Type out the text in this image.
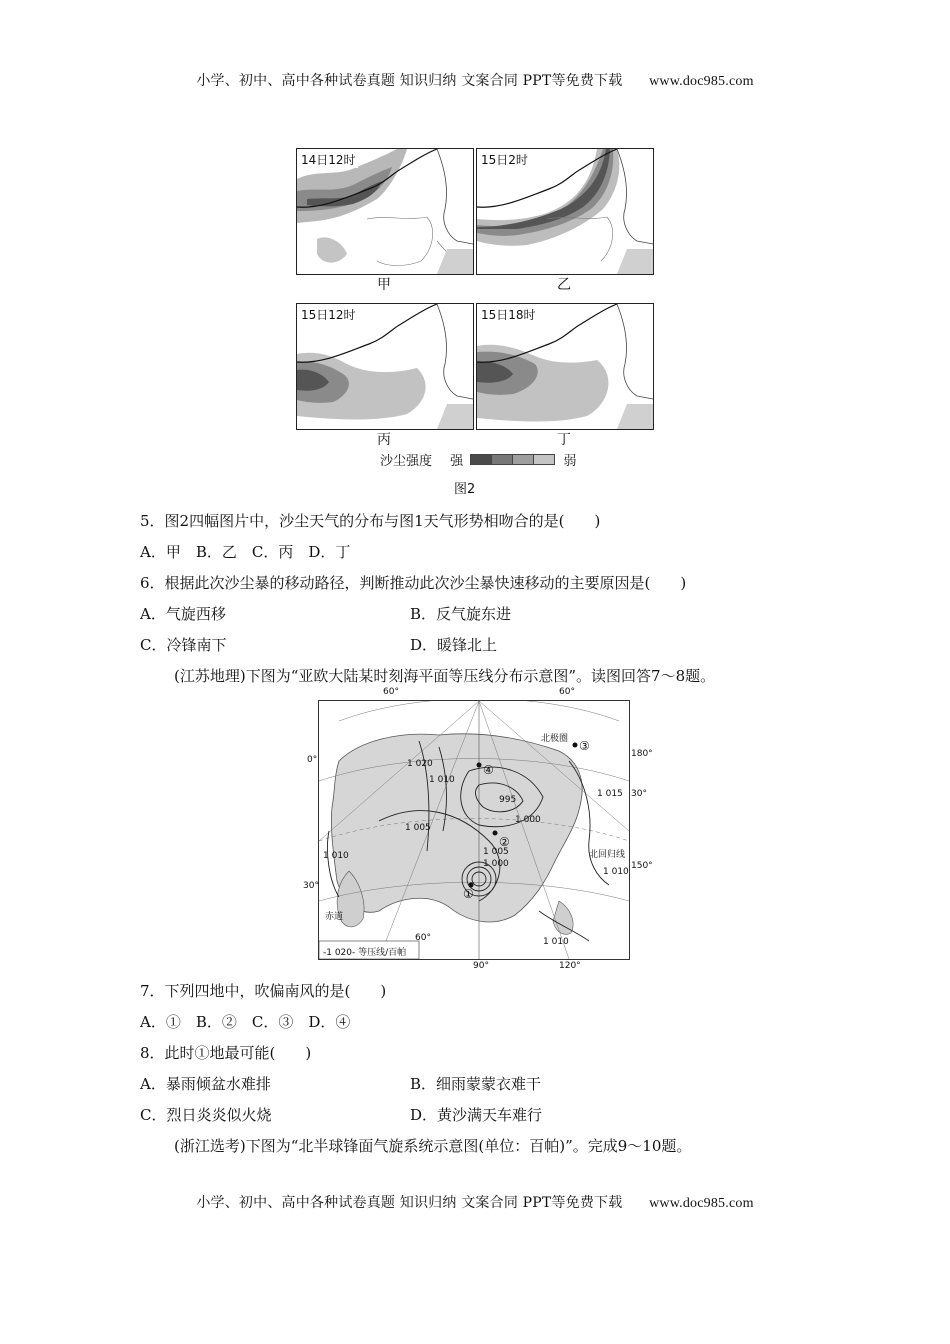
小学、初中、高中各种试卷真题 知识归纳 文案合同 PPT等免费下载 www.doc985.com
14日12时
甲
15日2时
乙
15日12时
丙
15日18时
丁
沙尘强度 强	弱
图2
5．图2四幅图片中，沙尘天气的分布与图1天气形势相吻合的是(　　)
A．甲　B．乙　C．丙　D．丁
6．根据此次沙尘暴的移动路径，判断推动此次沙尘暴快速移动的主要原因是(　　)
A．气旋西移	B．反气旋东进
C．冷锋南下	D．暖锋北上
(江苏地理)下图为“亚欧大陆某时刻海平面等压线分布示意图”。读图回答7～8题。
60°	60°
0°
30°
180°
30°
150°
60°
90°	120°
1 020
1 010
995
1 005
1 000
1 005
1 000
1 015
1 010
1 010
1 010
①
②
③
④
北极圈
北回归线
赤道
-1 020- 等压线/百帕
7．下列四地中，吹偏南风的是(　　)
A．①　B．②　C．③　D．④
8．此时①地最可能(　　)
A．暴雨倾盆水难排	B．细雨蒙蒙衣难干
C．烈日炎炎似火烧	D．黄沙满天车难行
(浙江选考)下图为“北半球锋面气旋系统示意图(单位：百帕)”。完成9～10题。
小学、初中、高中各种试卷真题 知识归纳 文案合同 PPT等免费下载 www.doc985.com
